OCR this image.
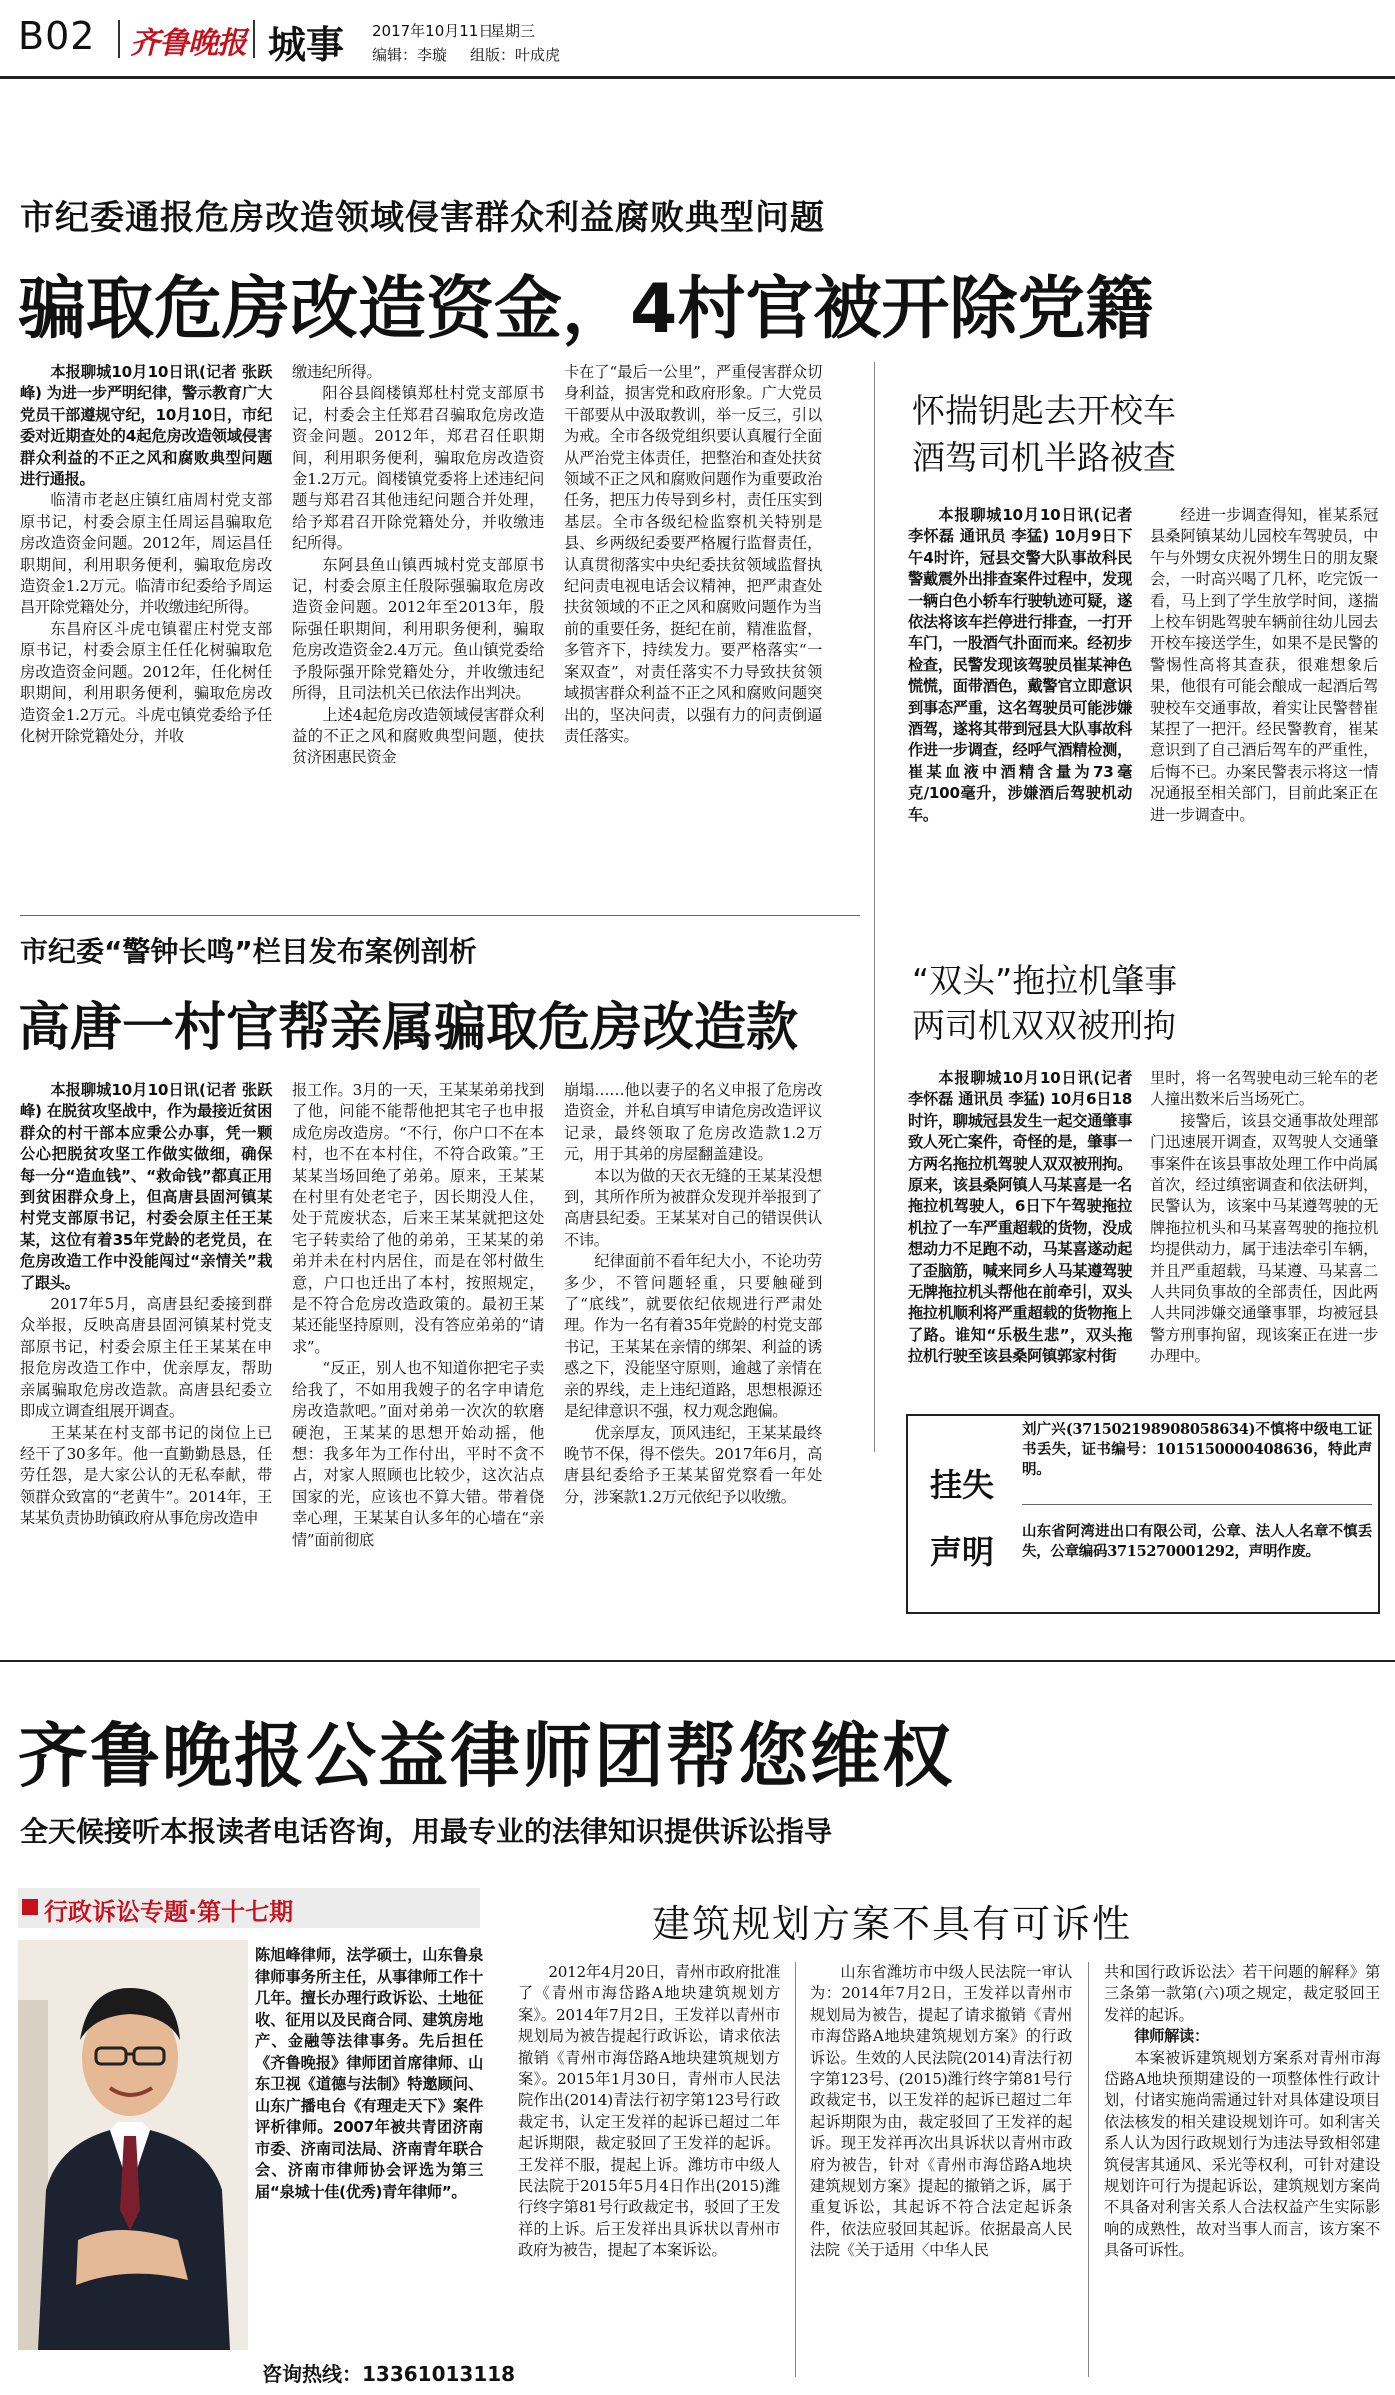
B02 齐鲁晚报 城事 2017年10月11日
星期三
编辑：李璇 组版：叶成虎
市纪委通报危房改造领域侵害群众利益腐败典型问题
骗取危房改造资金，4村官被开除党籍

本报聊城10月10日讯(记者 张跃峰) 为进一步严明纪律，警示教育广大党员干部遵规守纪，10月10日，市纪委对近期查处的4起危房改造领域侵害群众利益的不正之风和腐败典型问题进行通报。

临清市老赵庄镇红庙周村党支部原书记，村委会原主任周运昌骗取危房改造资金问题。2012年，周运昌任职期间，利用职务便利，骗取危房改造资金1.2万元。临清市纪委给予周运昌开除党籍处分，并收缴违纪所得。

东昌府区斗虎屯镇翟庄村党支部原书记，村委会原主任任化树骗取危房改造资金问题。2012年，任化树任职期间，利用职务便利，骗取危房改造资金1.2万元。斗虎屯镇党委给予任化树开除党籍处分，并收

缴违纪所得。

阳谷县阎楼镇郑杜村党支部原书记，村委会主任郑君召骗取危房改造资金问题。2012年，郑君召任职期间，利用职务便利，骗取危房改造资金1.2万元。阎楼镇党委将上述违纪问题与郑君召其他违纪问题合并处理，给予郑君召开除党籍处分，并收缴违纪所得。

东阿县鱼山镇西城村党支部原书记，村委会原主任殷际强骗取危房改造资金问题。2012年至2013年，殷际强任职期间，利用职务便利，骗取危房改造资金2.4万元。鱼山镇党委给予殷际强开除党籍处分，并收缴违纪所得，且司法机关已依法作出判决。

上述4起危房改造领域侵害群众利益的不正之风和腐败典型问题，使扶贫济困惠民资金

卡在了“最后一公里”，严重侵害群众切身利益，损害党和政府形象。广大党员干部要从中汲取教训，举一反三，引以为戒。全市各级党组织要认真履行全面从严治党主体责任，把整治和查处扶贫领域不正之风和腐败问题作为重要政治任务，把压力传导到乡村，责任压实到基层。全市各级纪检监察机关特别是县、乡两级纪委要严格履行监督责任，认真贯彻落实中央纪委扶贫领域监督执纪问责电视电话会议精神，把严肃查处扶贫领域的不正之风和腐败问题作为当前的重要任务，挺纪在前，精准监督，多管齐下，持续发力。要严格落实“一案双查”，对责任落实不力导致扶贫领域损害群众利益不正之风和腐败问题突出的，坚决问责，以强有力的问责倒逼责任落实。

怀揣钥匙去开校车
酒驾司机半路被查

本报聊城10月10日讯(记者 李怀磊 通讯员 李猛) 10月9日下午4时许，冠县交警大队事故科民警戴震外出排查案件过程中，发现一辆白色小轿车行驶轨迹可疑，遂依法将该车拦停进行排查，一打开车门，一股酒气扑面而来。经初步检查，民警发现该驾驶员崔某神色慌慌，面带酒色，戴警官立即意识到事态严重，这名驾驶员可能涉嫌酒驾，遂将其带到冠县大队事故科作进一步调查，经呼气酒精检测，崔某血液中酒精含量为73毫克/100毫升，涉嫌酒后驾驶机动车。

经进一步调查得知，崔某系冠县桑阿镇某幼儿园校车驾驶员，中午与外甥女庆祝外甥生日的朋友聚会，一时高兴喝了几杯，吃完饭一看，马上到了学生放学时间，遂揣上校车钥匙驾驶车辆前往幼儿园去开校车接送学生，如果不是民警的警惕性高将其查获，很难想象后果，他很有可能会酿成一起酒后驾驶校车交通事故，着实让民警替崔某捏了一把汗。经民警教育，崔某意识到了自己酒后驾车的严重性，后悔不已。办案民警表示将这一情况通报至相关部门，目前此案正在进一步调查中。

市纪委“警钟长鸣”栏目发布案例剖析
高唐一村官帮亲属骗取危房改造款

本报聊城10月10日讯(记者 张跃峰) 在脱贫攻坚战中，作为最接近贫困群众的村干部本应秉公办事，凭一颗公心把脱贫攻坚工作做实做细，确保每一分“造血钱”、“救命钱”都真正用到贫困群众身上，但高唐县固河镇某村党支部原书记，村委会原主任王某某，这位有着35年党龄的老党员，在危房改造工作中没能闯过“亲情关”栽了跟头。

2017年5月，高唐县纪委接到群众举报，反映高唐县固河镇某村党支部原书记，村委会原主任王某某在申报危房改造工作中，优亲厚友，帮助亲属骗取危房改造款。高唐县纪委立即成立调查组展开调查。

王某某在村支部书记的岗位上已经干了30多年。他一直勤勤恳恳，任劳任怨，是大家公认的无私奉献，带领群众致富的“老黄牛”。2014年，王某某负责协助镇政府从事危房改造申

报工作。3月的一天，王某某弟弟找到了他，问能不能帮他把其宅子也申报成危房改造房。“不行，你户口不在本村，也不在本村住，不符合政策。”王某某当场回绝了弟弟。原来，王某某在村里有处老宅子，因长期没人住，处于荒废状态，后来王某某就把这处宅子转卖给了他的弟弟，王某某的弟弟并未在村内居住，而是在邻村做生意，户口也迁出了本村，按照规定，是不符合危房改造政策的。最初王某某还能坚持原则，没有答应弟弟的“请求”。

“反正，别人也不知道你把宅子卖给我了，不如用我嫂子的名字申请危房改造款吧。”面对弟弟一次次的软磨硬泡，王某某的思想开始动摇，他想：我多年为工作付出，平时不贪不占，对家人照顾也比较少，这次沾点国家的光，应该也不算大错。带着侥幸心理，王某某自认多年的心墙在“亲情”面前彻底

崩塌……他以妻子的名义申报了危房改造资金，并私自填写申请危房改造评议记录，最终领取了危房改造款1.2万元，用于其弟的房屋翻盖建设。

本以为做的天衣无缝的王某某没想到，其所作所为被群众发现并举报到了高唐县纪委。王某某对自己的错误供认不讳。

纪律面前不看年纪大小，不论功劳多少，不管问题轻重，只要触碰到了“底线”，就要依纪依规进行严肃处理。作为一名有着35年党龄的村党支部书记，王某某在亲情的绑架、利益的诱惑之下，没能坚守原则，逾越了亲情在亲的界线，走上违纪道路，思想根源还是纪律意识不强，权力观念跑偏。

优亲厚友，顶风违纪，王某某最终晚节不保，得不偿失。2017年6月，高唐县纪委给予王某某留党察看一年处分，涉案款1.2万元依纪予以收缴。

“双头”拖拉机肇事
两司机双双被刑拘

本报聊城10月10日讯(记者 李怀磊 通讯员 李猛) 10月6日18时许，聊城冠县发生一起交通肇事致人死亡案件，奇怪的是，肇事一方两名拖拉机驾驶人双双被刑拘。原来，该县桑阿镇人马某喜是一名拖拉机驾驶人，6日下午驾驶拖拉机拉了一车严重超载的货物，没成想动力不足跑不动，马某喜遂动起了歪脑筋，喊来同乡人马某遵驾驶无牌拖拉机头帮他在前牵引，双头拖拉机顺利将严重超载的货物拖上了路。谁知“乐极生悲”，双头拖拉机行驶至该县桑阿镇郭家村街

里时，将一名驾驶电动三轮车的老人撞出数米后当场死亡。

接警后，该县交通事故处理部门迅速展开调查，双驾驶人交通肇事案件在该县事故处理工作中尚属首次，经过缜密调查和依法研判，民警认为，该案中马某遵驾驶的无牌拖拉机头和马某喜驾驶的拖拉机均提供动力，属于违法牵引车辆，并且严重超载，马某遵、马某喜二人共同负事故的全部责任，因此两人共同涉嫌交通肇事罪，均被冠县警方刑事拘留，现该案正在进一步办理中。

挂失
声明
刘广兴(371502198908058634)不慎将中级电工证书丢失，证书编号：1015150000408636，特此声明。
山东省阿湾进出口有限公司，公章、法人人名章不慎丢失，公章编码3715270001292，声明作废。
齐鲁晚报公益律师团帮您维权
全天候接听本报读者电话咨询，用最专业的法律知识提供诉讼指导
行政诉讼专题·第十七期
陈旭峰律师，法学硕士，山东鲁泉律师事务所主任，从事律师工作十几年。擅长办理行政诉讼、土地征收、征用以及民商合同、建筑房地产、金融等法律事务。先后担任《齐鲁晚报》律师团首席律师、山东卫视《道德与法制》特邀顾问、山东广播电台《有理走天下》案件评析律师。2007年被共青团济南市委、济南司法局、济南青年联合会、济南市律师协会评选为第三届“泉城十佳(优秀)青年律师”。
咨询热线：13361013118
建筑规划方案不具有可诉性

2012年4月20日，青州市政府批准了《青州市海岱路A地块建筑规划方案》。2014年7月2日，王发祥以青州市规划局为被告提起行政诉讼，请求依法撤销《青州市海岱路A地块建筑规划方案》。2015年1月30日，青州市人民法院作出(2014)青法行初字第123号行政裁定书，认定王发祥的起诉已超过二年起诉期限，裁定驳回了王发祥的起诉。王发祥不服，提起上诉。潍坊市中级人民法院于2015年5月4日作出(2015)潍行终字第81号行政裁定书，驳回了王发祥的上诉。后王发祥出具诉状以青州市政府为被告，提起了本案诉讼。

山东省潍坊市中级人民法院一审认为：2014年7月2日，王发祥以青州市规划局为被告，提起了请求撤销《青州市海岱路A地块建筑规划方案》的行政诉讼。生效的人民法院(2014)青法行初字第123号、(2015)潍行终字第81号行政裁定书，以王发祥的起诉已超过二年起诉期限为由，裁定驳回了王发祥的起诉。现王发祥再次出具诉状以青州市政府为被告，针对《青州市海岱路A地块建筑规划方案》提起的撤销之诉，属于重复诉讼，其起诉不符合法定起诉条件，依法应驳回其起诉。依据最高人民法院《关于适用〈中华人民

共和国行政诉讼法〉若干问题的解释》第三条第一款第(六)项之规定，裁定驳回王发祥的起诉。

律师解读：

本案被诉建筑规划方案系对青州市海岱路A地块预期建设的一项整体性行政计划，付诸实施尚需通过针对具体建设项目依法核发的相关建设规划许可。如利害关系人认为因行政规划行为违法导致相邻建筑侵害其通风、采光等权利，可针对建设规划许可行为提起诉讼，建筑规划方案尚不具备对利害关系人合法权益产生实际影响的成熟性，故对当事人而言，该方案不具备可诉性。
